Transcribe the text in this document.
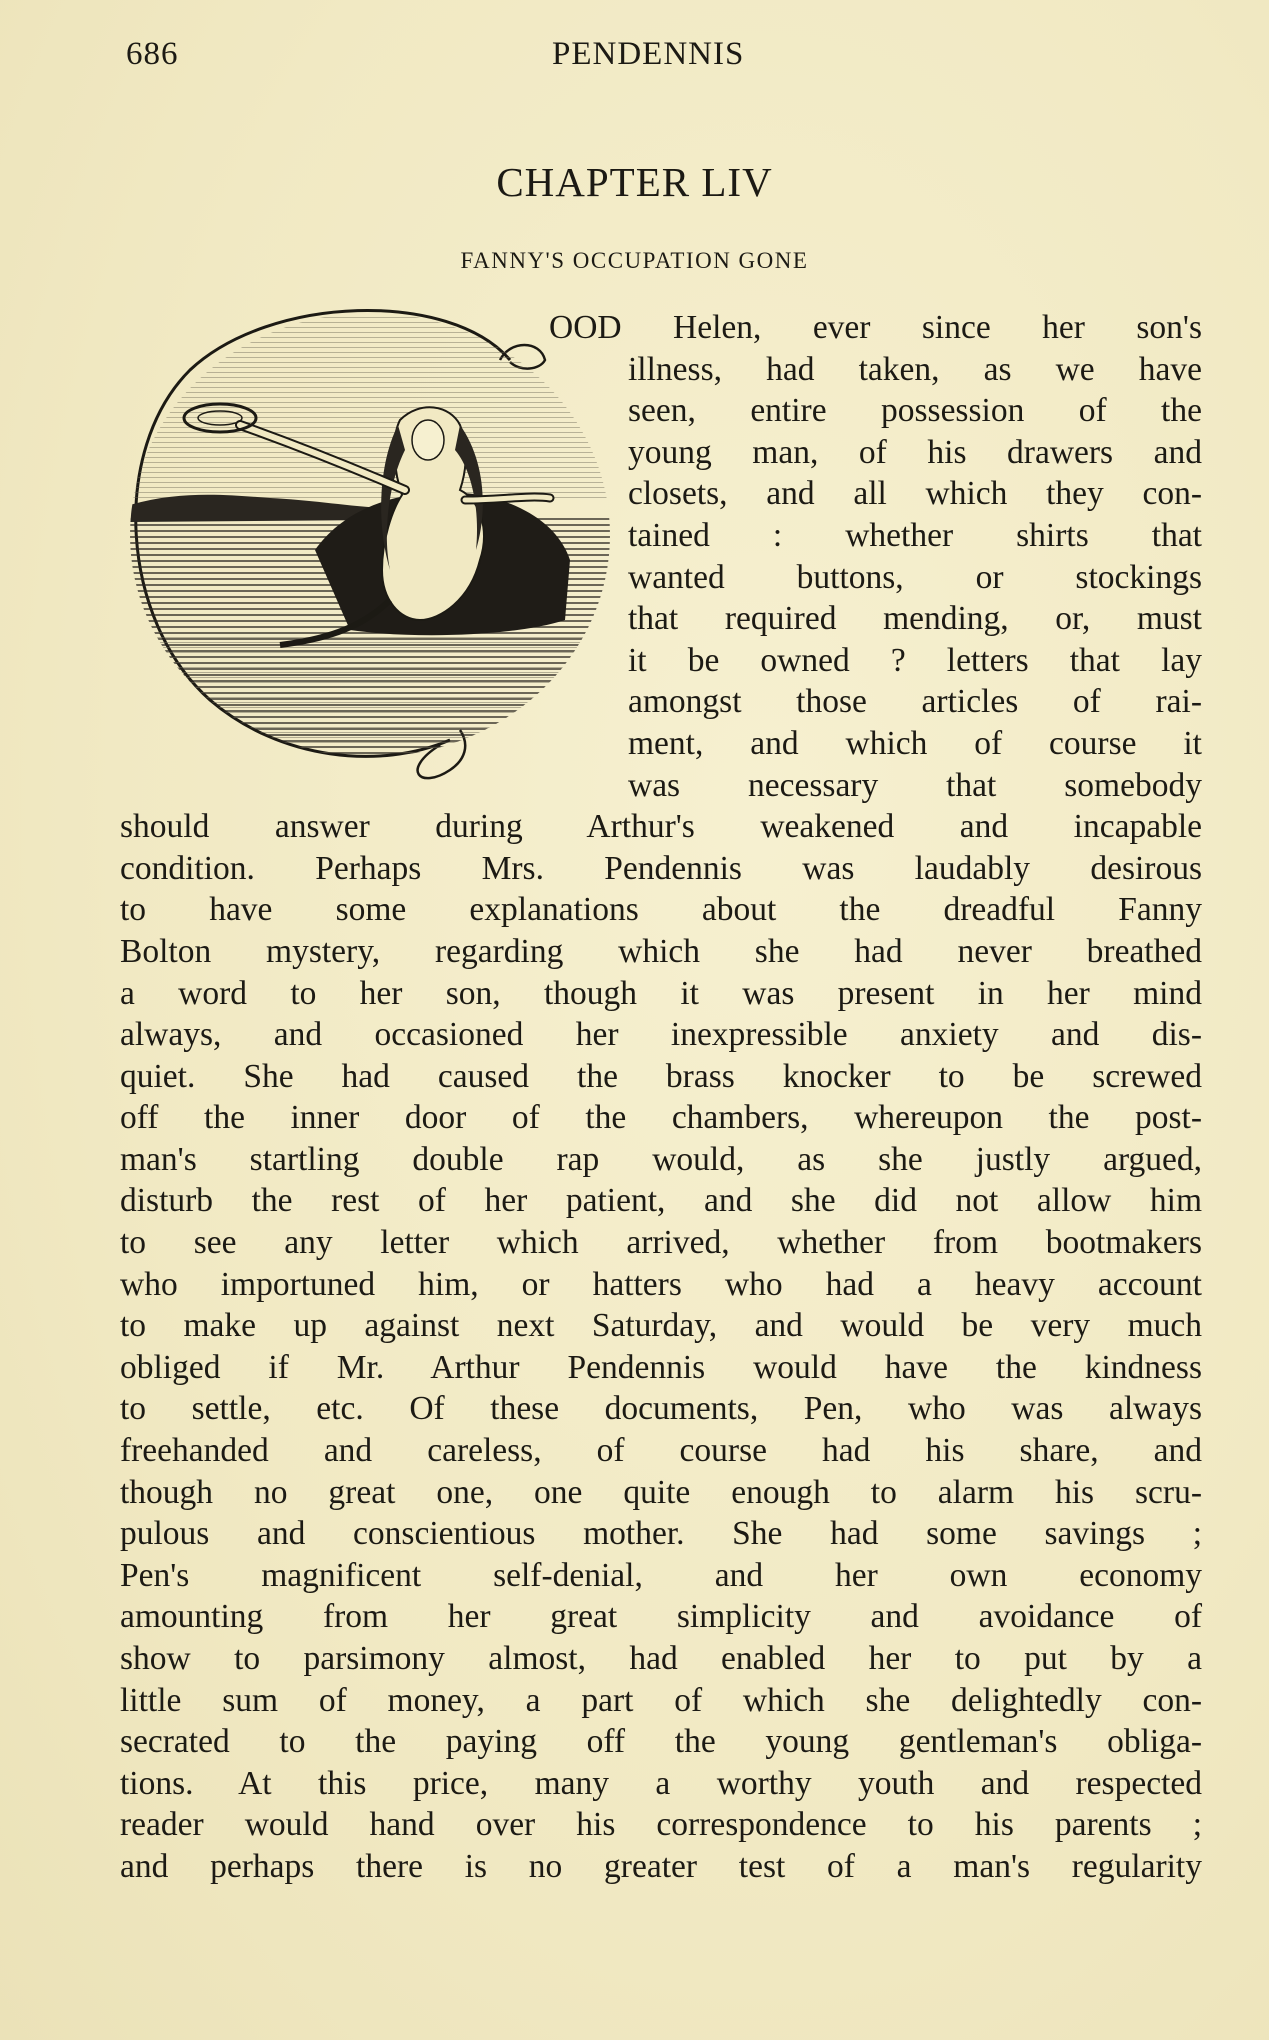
686	PENDENNIS
CHAPTER LIV
FANNY'S OCCUPATION GONE
OOD Helen, ever since her son's
illness, had taken, as we have
seen, entire possession of the
young man, of his drawers and
closets, and all which they con-
tained : whether shirts that
wanted buttons, or stockings
that required mending, or, must
it be owned ? letters that lay
amongst those articles of rai-
ment, and which of course it
was necessary that somebody
should answer during Arthur's weakened and incapable
condition. Perhaps Mrs. Pendennis was laudably desirous
to have some explanations about the dreadful Fanny
Bolton mystery, regarding which she had never breathed
a word to her son, though it was present in her mind
always, and occasioned her inexpressible anxiety and dis-
quiet. She had caused the brass knocker to be screwed
off the inner door of the chambers, whereupon the post-
man's startling double rap would, as she justly argued,
disturb the rest of her patient, and she did not allow him
to see any letter which arrived, whether from bootmakers
who importuned him, or hatters who had a heavy account
to make up against next Saturday, and would be very much
obliged if Mr. Arthur Pendennis would have the kindness
to settle, etc. Of these documents, Pen, who was always
freehanded and careless, of course had his share, and
though no great one, one quite enough to alarm his scru-
pulous and conscientious mother. She had some savings ;
Pen's magnificent self-denial, and her own economy
amounting from her great simplicity and avoidance of
show to parsimony almost, had enabled her to put by a
little sum of money, a part of which she delightedly con-
secrated to the paying off the young gentleman's obliga-
tions. At this price, many a worthy youth and respected
reader would hand over his correspondence to his parents ;
and perhaps there is no greater test of a man's regularity
